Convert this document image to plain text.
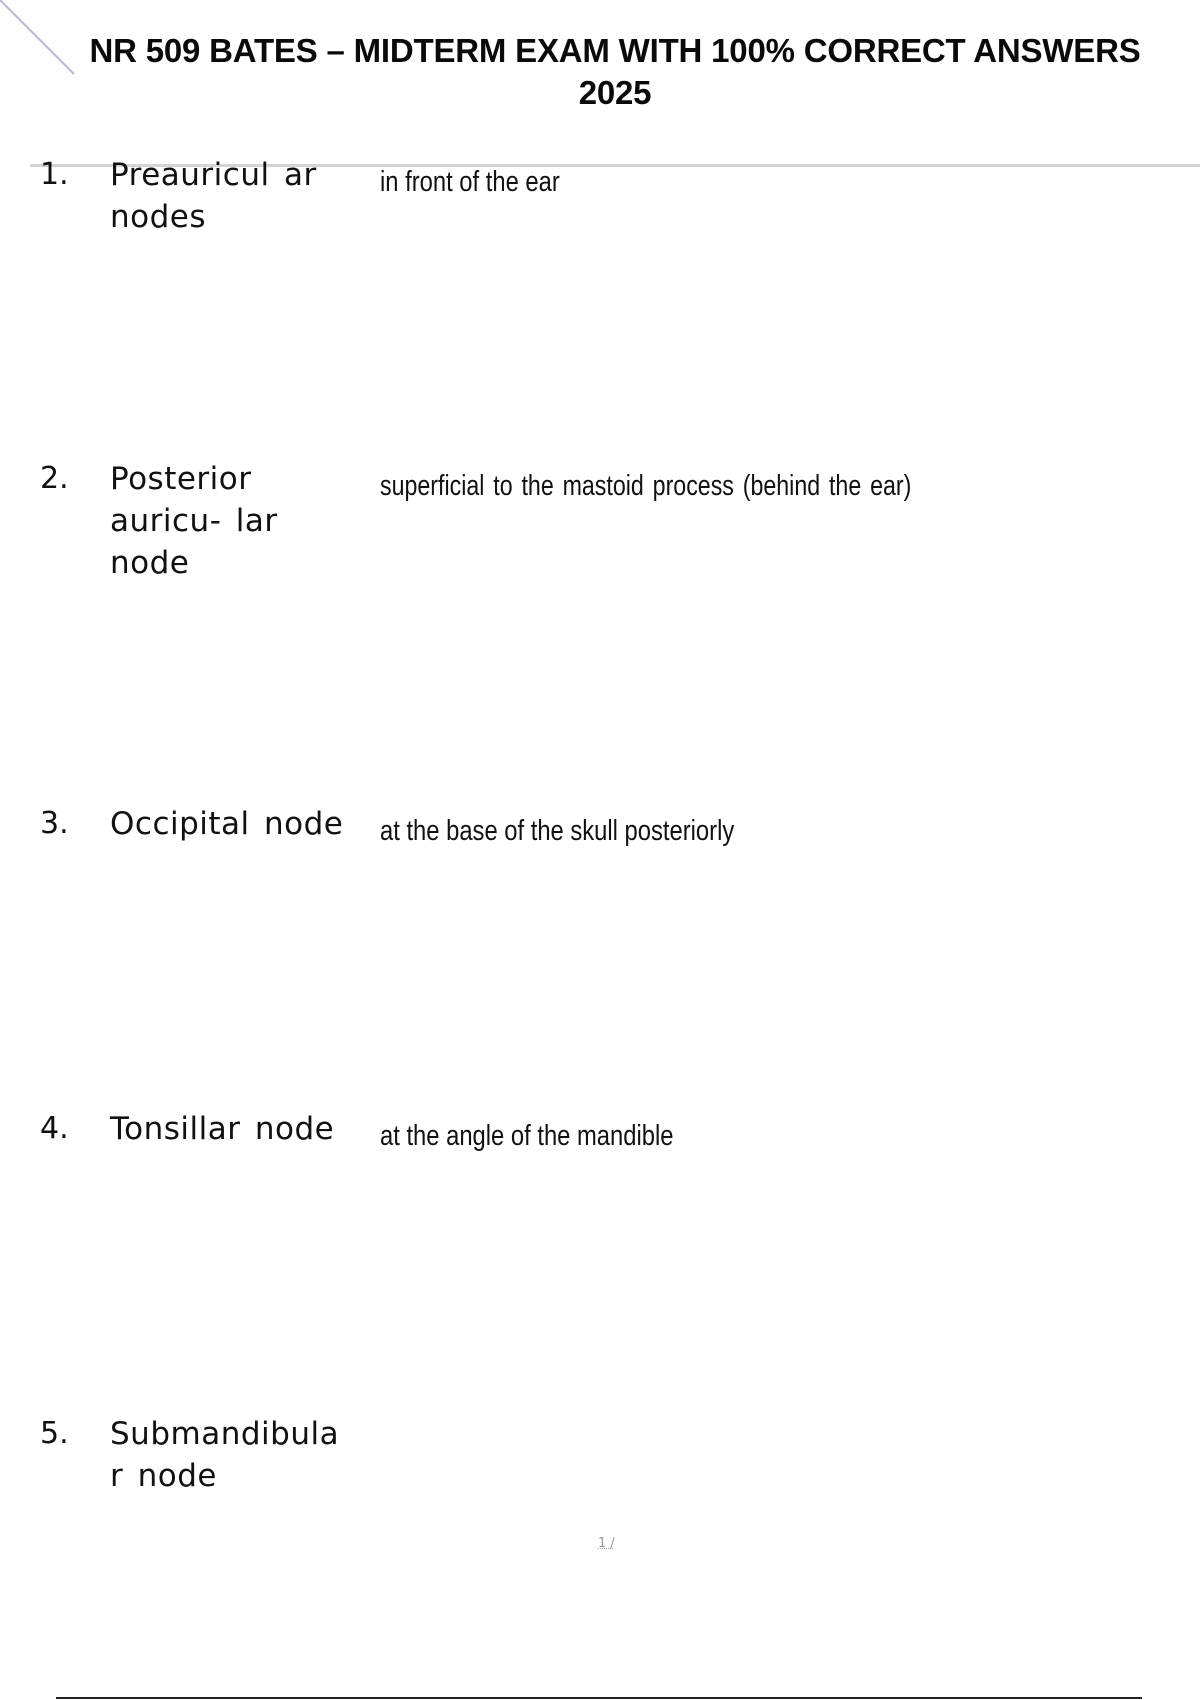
NR 509 BATES – MIDTERM EXAM WITH 100% CORRECT ANSWERS
2025
1. Preauricul ar nodes
in front of the ear
2. Posterior auricu- lar node
superficial to the mastoid process (behind the ear)
3. Occipital node	at the base of the skull posteriorly
4. Tonsillar node	at the angle of the mandible
5. Submandibula r node
1 /
